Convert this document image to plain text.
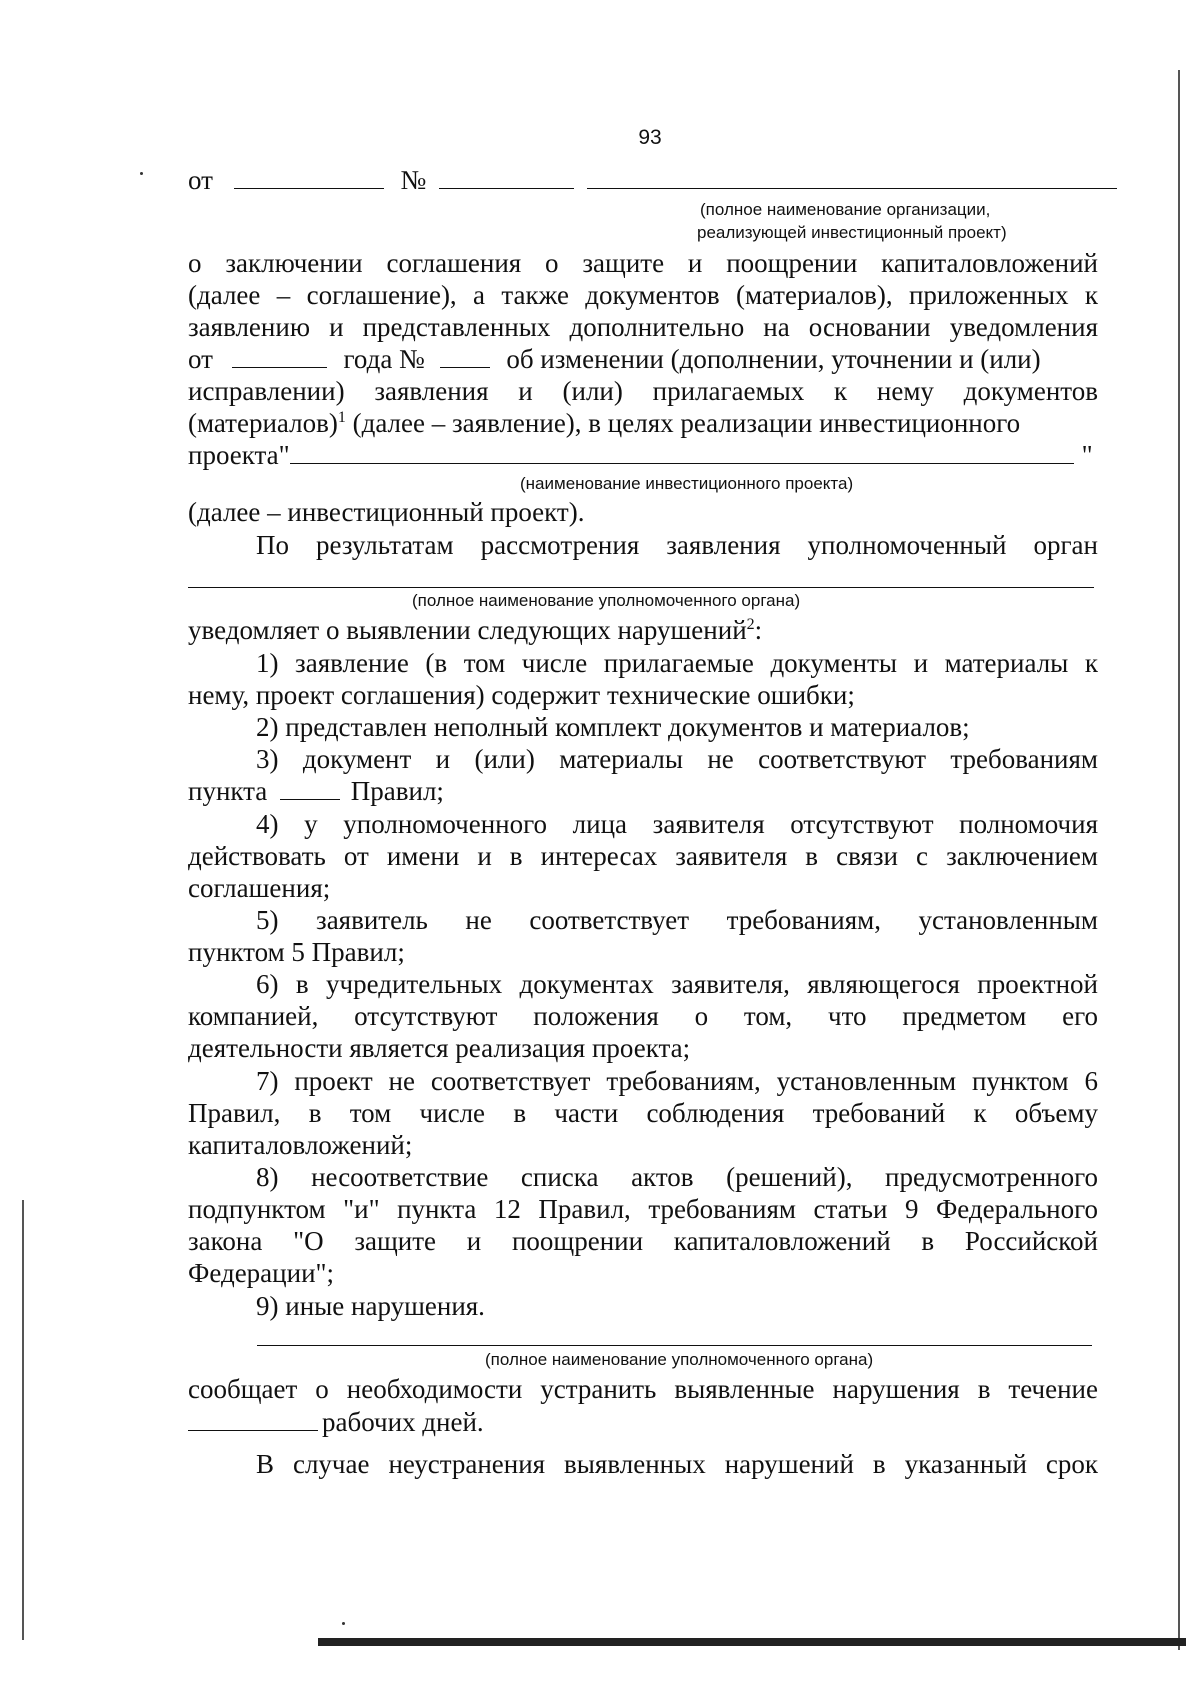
93
от	№
(полное наименование организации,
реализующей инвестиционный проект)
о заключении соглашения о защите и поощрении капиталовложений
(далее – соглашение), а также документов (материалов), приложенных к
заявлению и представленных дополнительно на основании уведомления
от	года №	об изменении (дополнении, уточнении и (или)
исправлении) заявления и (или) прилагаемых к нему документов
(материалов)$^1$ (далее – заявление), в целях реализации инвестиционного
проекта"	"
(наименование инвестиционного проекта)
(далее – инвестиционный проект).
По результатам рассмотрения заявления уполномоченный орган
(полное наименование уполномоченного органа)
уведомляет о выявлении следующих нарушений$^2$:
1) заявление (в том числе прилагаемые документы и материалы к
нему, проект соглашения) содержит технические ошибки;
2) представлен неполный комплект документов и материалов;
3) документ и (или) материалы не соответствуют требованиям
пункта	Правил;
4) у уполномоченного лица заявителя отсутствуют полномочия
действовать от имени и в интересах заявителя в связи с заключением
соглашения;
5) заявитель не соответствует требованиям, установленным
пунктом 5 Правил;
6) в учредительных документах заявителя, являющегося проектной
компанией, отсутствуют положения о том, что предметом его
деятельности является реализация проекта;
7) проект не соответствует требованиям, установленным пунктом 6
Правил, в том числе в части соблюдения требований к объему
капиталовложений;
8) несоответствие списка актов (решений), предусмотренного
подпунктом "и" пункта 12 Правил, требованиям статьи 9 Федерального
закона "О защите и поощрении капиталовложений в Российской
Федерации";
9) иные нарушения.
(полное наименование уполномоченного органа)
сообщает о необходимости устранить выявленные нарушения в течение
рабочих дней.
В случае неустранения выявленных нарушений в указанный срок
